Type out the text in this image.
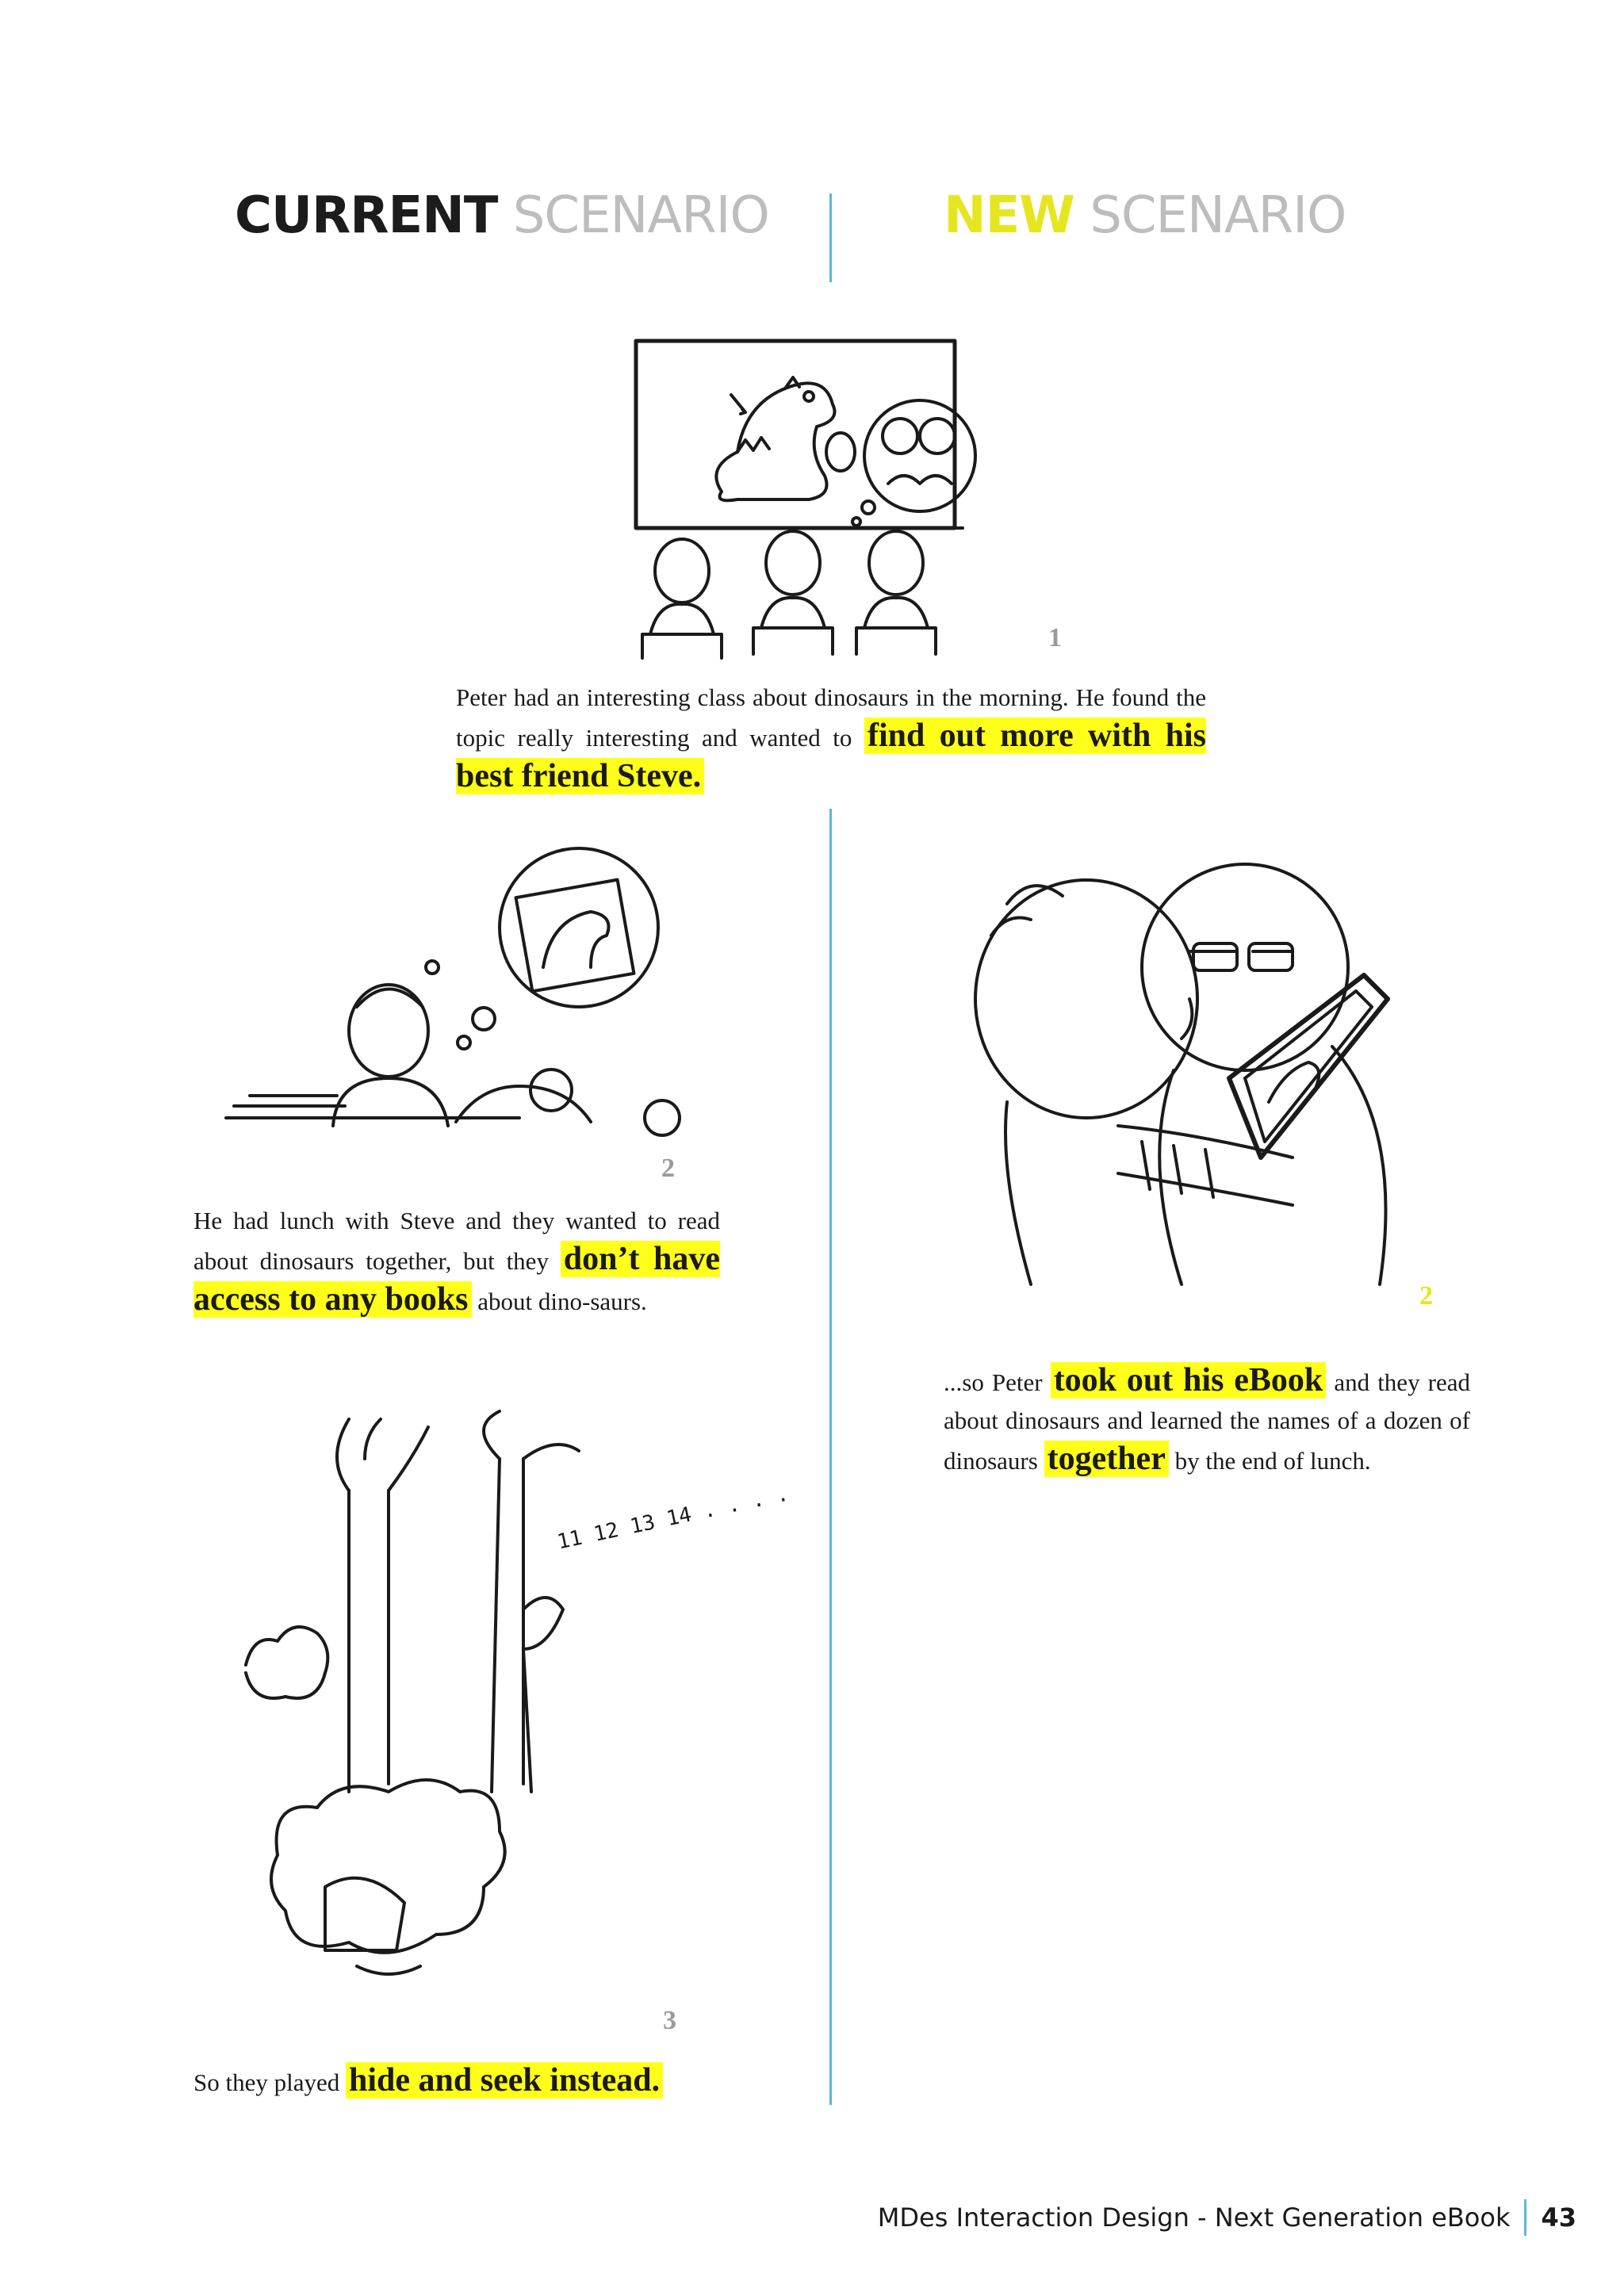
CURRENT SCENARIO	NEW SCENARIO
1
Peter had an interesting class about dinosaurs in the morning. He found the topic really interesting and wanted to find out more with his best friend Steve.
2
He had lunch with Steve and they wanted to read about dinosaurs together, but they don’t have access to any books about dino-saurs.	2
...so Peter took out his eBook and they read about dinosaurs and learned the names of a dozen of dinosaurs together by the end of lunch.
11 12 13 14 . . . .
3
So they played hide and seek instead.
MDes Interaction Design - Next Generation eBook 43
